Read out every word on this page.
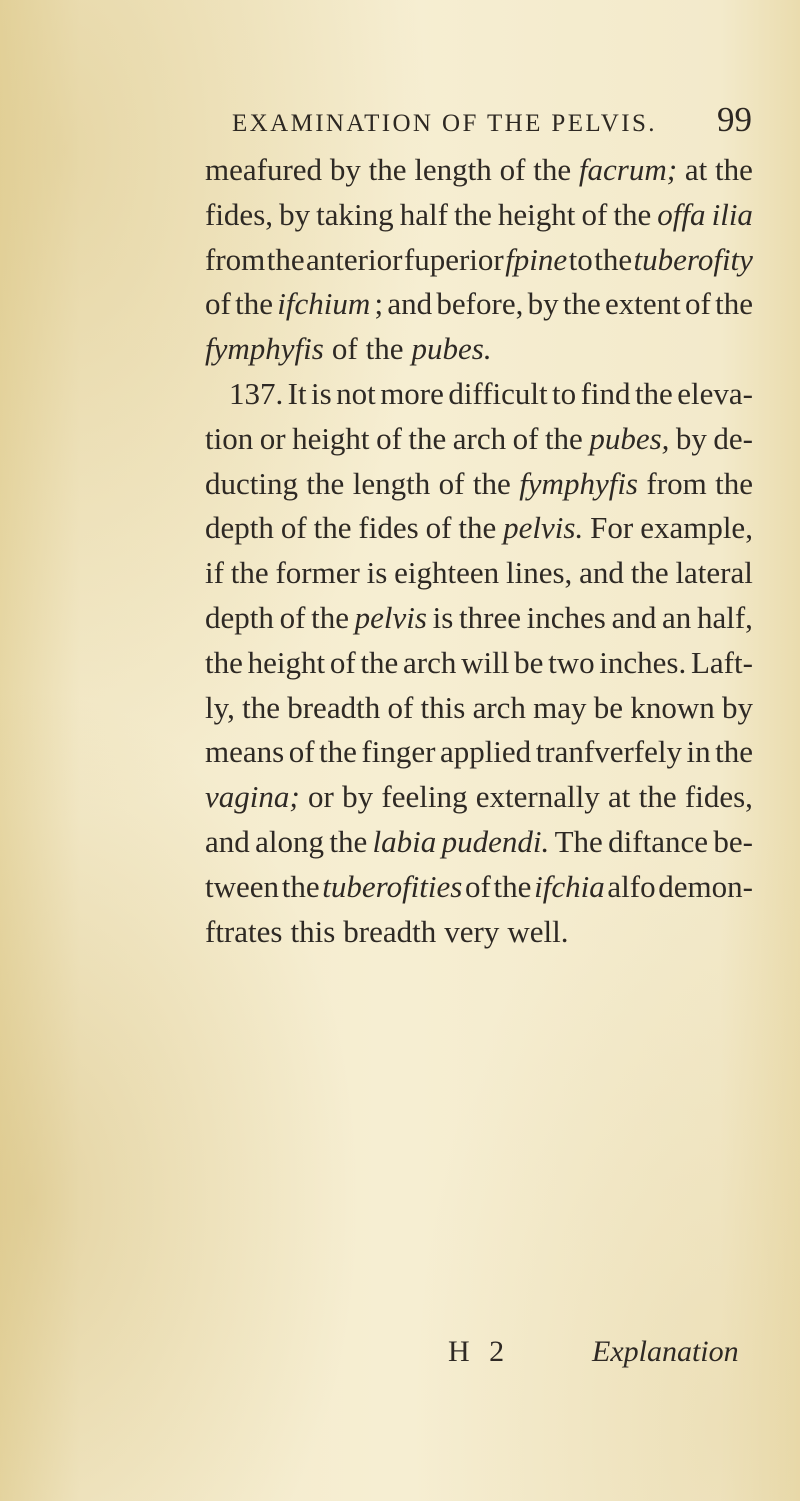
EXAMINATION OF THE PELVIS. 99
meafured by the length of the facrum; at the
fides, by taking half the height of the offa ilia
from the anterior fuperior fpine to the tuberofity
of the ifchium ; and before, by the extent of the
fymphyfis of the pubes.
137. It is not more difficult to find the eleva-
tion or height of the arch of the pubes, by de-
ducting the length of the fymphyfis from the
depth of the fides of the pelvis. For example,
if the former is eighteen lines, and the lateral
depth of the pelvis is three inches and an half,
the height of the arch will be two inches. Laft-
ly, the breadth of this arch may be known by
means of the finger applied tranfverfely in the
vagina; or by feeling externally at the fides,
and along the labia pudendi. The diftance be-
tween the tuberofities of the ifchia alfo demon-
ftrates this breadth very well.
H 2	Explanation
